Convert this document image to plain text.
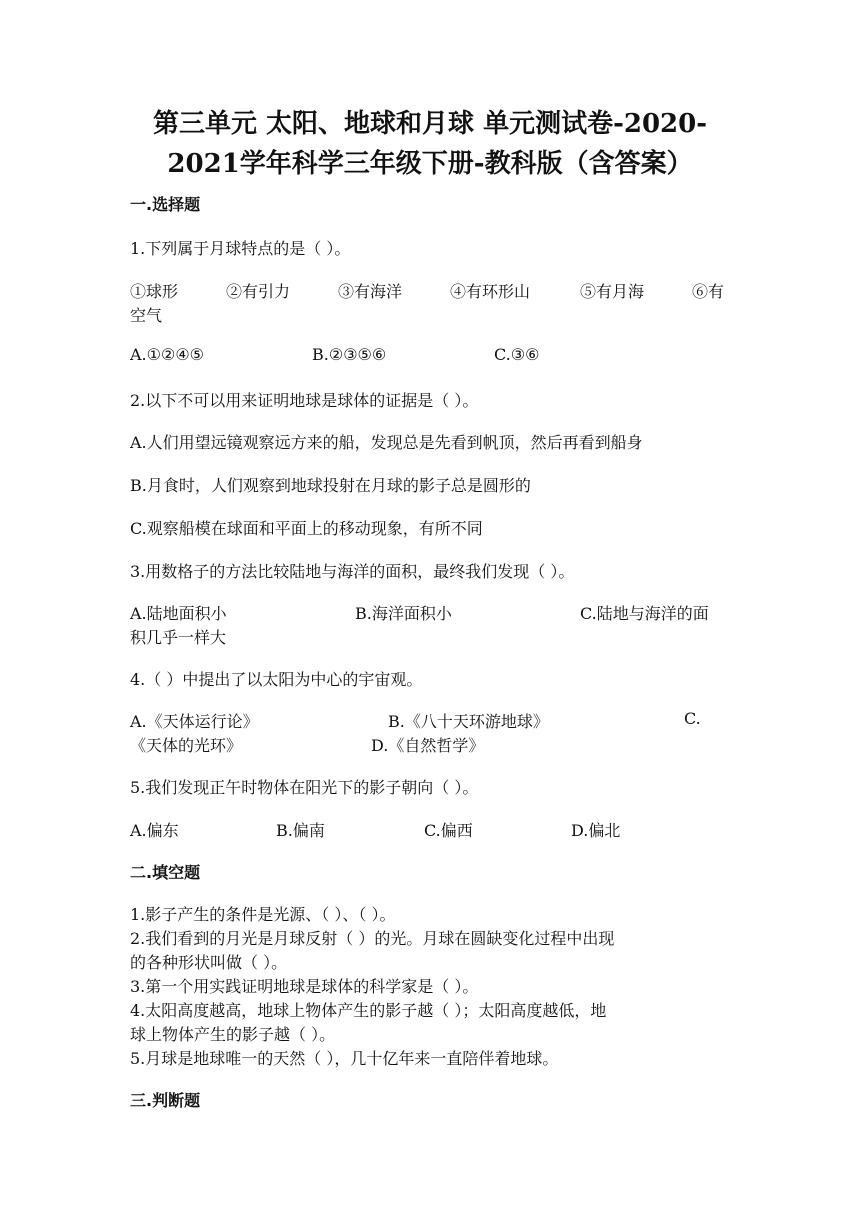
第三单元 太阳、地球和月球 单元测试卷-2020-
2021学年科学三年级下册-教科版（含答案）
一.选择题
1.下列属于月球特点的是（ ）。
①球形	②有引力	③有海洋	④有环形山	⑤有月海	⑥有
空气
A.①②④⑤	B.②③⑤⑥	C.③⑥
2.以下不可以用来证明地球是球体的证据是（ ）。
A.人们用望远镜观察远方来的船，发现总是先看到帆顶，然后再看到船身
B.月食时，人们观察到地球投射在月球的影子总是圆形的
C.观察船模在球面和平面上的移动现象，有所不同
3.用数格子的方法比较陆地与海洋的面积，最终我们发现（ ）。
A.陆地面积小	B.海洋面积小	C.陆地与海洋的面
积几乎一样大
4.（ ）中提出了以太阳为中心的宇宙观。
A.《天体运行论》	B.《八十天环游地球》	C.
《天体的光环》	D.《自然哲学》
5.我们发现正午时物体在阳光下的影子朝向（ ）。
A.偏东	B.偏南	C.偏西	D.偏北
二.填空题
1.影子产生的条件是光源、（ ）、（ ）。
2.我们看到的月光是月球反射（ ）的光。月球在圆缺变化过程中出现
的各种形状叫做（ ）。
3.第一个用实践证明地球是球体的科学家是（ ）。
4.太阳高度越高，地球上物体产生的影子越（ ）；太阳高度越低，地
球上物体产生的影子越（ ）。
5.月球是地球唯一的天然（ ），几十亿年来一直陪伴着地球。
三.判断题
